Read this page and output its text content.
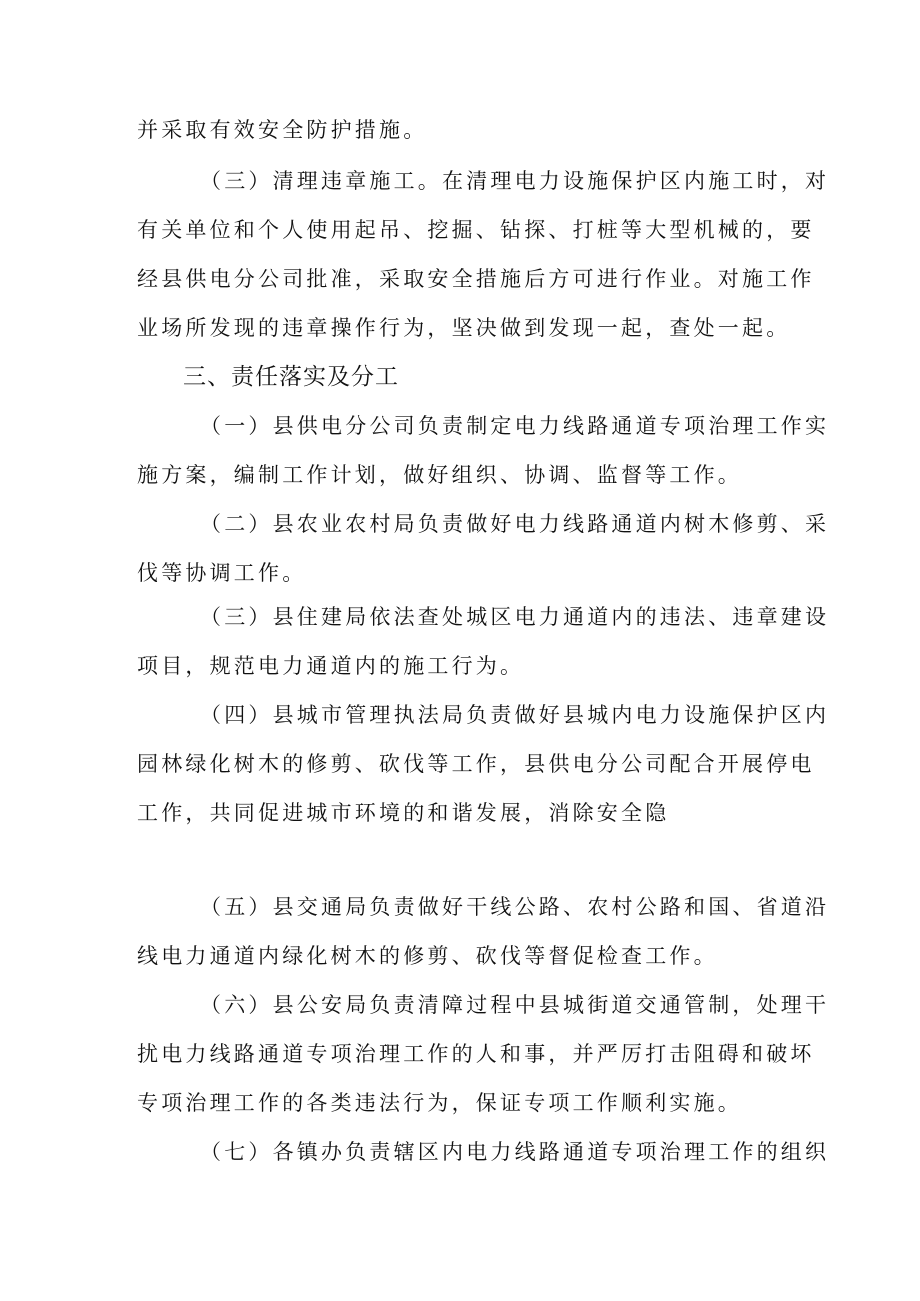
并采取有效安全防护措施。
（三）清理违章施工。在清理电力设施保护区内施工时，对
有关单位和个人使用起吊、挖掘、钻探、打桩等大型机械的，要
经县供电分公司批准，采取安全措施后方可进行作业。对施工作
业场所发现的违章操作行为，坚决做到发现一起，查处一起。
三、责任落实及分工
（一）县供电分公司负责制定电力线路通道专项治理工作实
施方案，编制工作计划，做好组织、协调、监督等工作。
（二）县农业农村局负责做好电力线路通道内树木修剪、采
伐等协调工作。
（三）县住建局依法查处城区电力通道内的违法、违章建设
项目，规范电力通道内的施工行为。
（四）县城市管理执法局负责做好县城内电力设施保护区内
园林绿化树木的修剪、砍伐等工作，县供电分公司配合开展停电
工作，共同促进城市环境的和谐发展，消除安全隐
（五）县交通局负责做好干线公路、农村公路和国、省道沿
线电力通道内绿化树木的修剪、砍伐等督促检查工作。
（六）县公安局负责清障过程中县城街道交通管制，处理干
扰电力线路通道专项治理工作的人和事，并严厉打击阻碍和破坏
专项治理工作的各类违法行为，保证专项工作顺利实施。
（七）各镇办负责辖区内电力线路通道专项治理工作的组织
